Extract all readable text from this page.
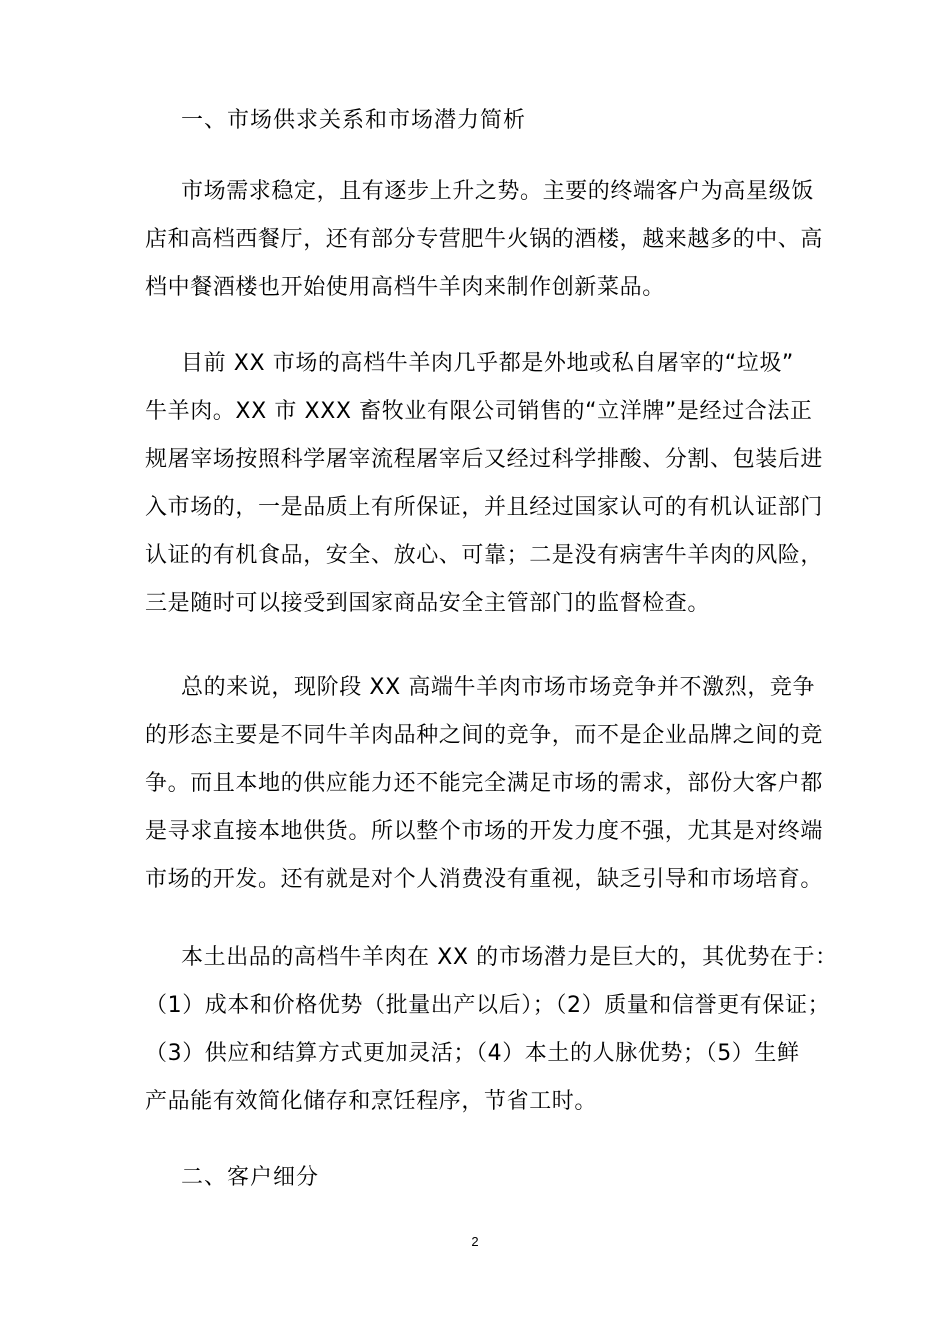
一、市场供求关系和市场潜力简析
市场需求稳定，且有逐步上升之势。主要的终端客户为高星级饭
店和高档西餐厅，还有部分专营肥牛火锅的酒楼，越来越多的中、高
档中餐酒楼也开始使用高档牛羊肉来制作创新菜品。
目前 XX 市场的高档牛羊肉几乎都是外地或私自屠宰的“垃圾”
牛羊肉。XX 市 XXX 畜牧业有限公司销售的“立洋牌”是经过合法正
规屠宰场按照科学屠宰流程屠宰后又经过科学排酸、分割、包装后进
入市场的，一是品质上有所保证，并且经过国家认可的有机认证部门
认证的有机食品，安全、放心、可靠；二是没有病害牛羊肉的风险，
三是随时可以接受到国家商品安全主管部门的监督检查。
总的来说，现阶段 XX 高端牛羊肉市场市场竞争并不激烈，竞争
的形态主要是不同牛羊肉品种之间的竞争，而不是企业品牌之间的竞
争。而且本地的供应能力还不能完全满足市场的需求，部份大客户都
是寻求直接本地供货。所以整个市场的开发力度不强，尤其是对终端
市场的开发。还有就是对个人消费没有重视，缺乏引导和市场培育。
本土出品的高档牛羊肉在 XX 的市场潜力是巨大的，其优势在于：
（1）成本和价格优势（批量出产以后）；（2）质量和信誉更有保证；
（3）供应和结算方式更加灵活；（4）本土的人脉优势；（5）生鲜
产品能有效简化储存和烹饪程序，节省工时。
二、客户细分
2
